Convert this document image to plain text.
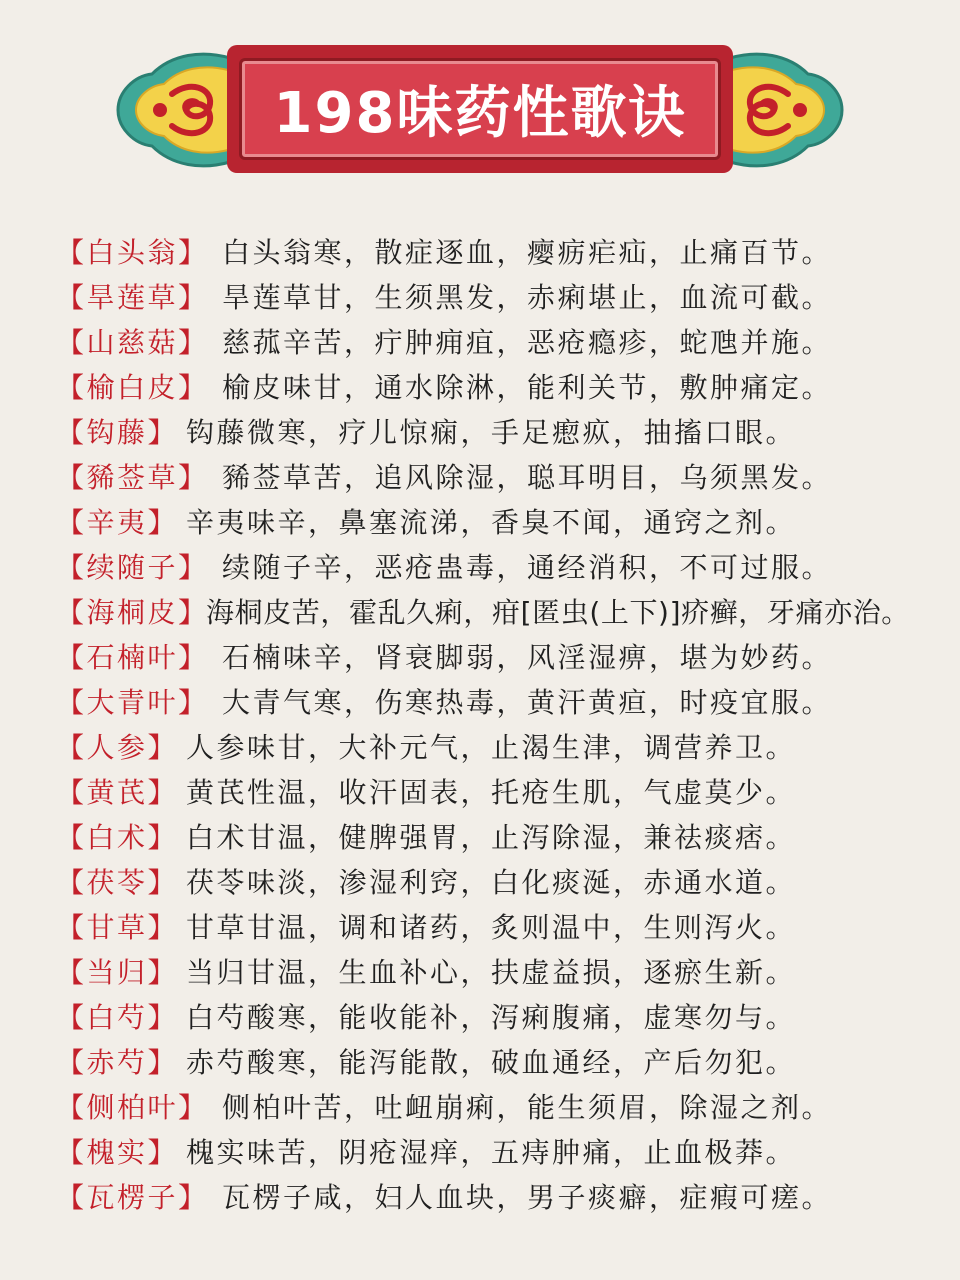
198味药性歌诀
【白头翁】 白头翁寒，散症逐血，瘿疬疟疝，止痛百节。
【旱莲草】 旱莲草甘，生须黑发，赤痢堪止，血流可截。
【山慈菇】 慈菰辛苦，疔肿痈疽，恶疮瘾疹，蛇虺并施。
【榆白皮】 榆皮味甘，通水除淋，能利关节，敷肿痛定。
【钩藤】 钩藤微寒，疗儿惊痫，手足瘛疭，抽搐口眼。
【豨莶草】 豨莶草苦，追风除湿，聪耳明目，乌须黑发。
【辛夷】 辛夷味辛，鼻塞流涕，香臭不闻，通窍之剂。
【续随子】 续随子辛，恶疮蛊毒，通经消积，不可过服。
【海桐皮】
海桐皮苦，霍乱久痢，疳[匿虫(上下)]疥癣，牙痛亦治。
【石楠叶】 石楠味辛，肾衰脚弱，风淫湿痹，堪为妙药。
【大青叶】 大青气寒，伤寒热毒，黄汗黄疸，时疫宜服。
【人参】 人参味甘，大补元气，止渴生津，调营养卫。
【黄芪】 黄芪性温，收汗固表，托疮生肌，气虚莫少。
【白术】 白术甘温，健脾强胃，止泻除湿，兼祛痰痞。
【茯苓】 茯苓味淡，渗湿利窍，白化痰涎，赤通水道。
【甘草】 甘草甘温，调和诸药，炙则温中，生则泻火。
【当归】 当归甘温，生血补心，扶虚益损，逐瘀生新。
【白芍】 白芍酸寒，能收能补，泻痢腹痛，虚寒勿与。
【赤芍】 赤芍酸寒，能泻能散，破血通经，产后勿犯。
【侧柏叶】 侧柏叶苦，吐衄崩痢，能生须眉，除湿之剂。
【槐实】 槐实味苦，阴疮湿痒，五痔肿痛，止血极莽。
【瓦楞子】 瓦楞子咸，妇人血块，男子痰癖，症瘕可瘥。
